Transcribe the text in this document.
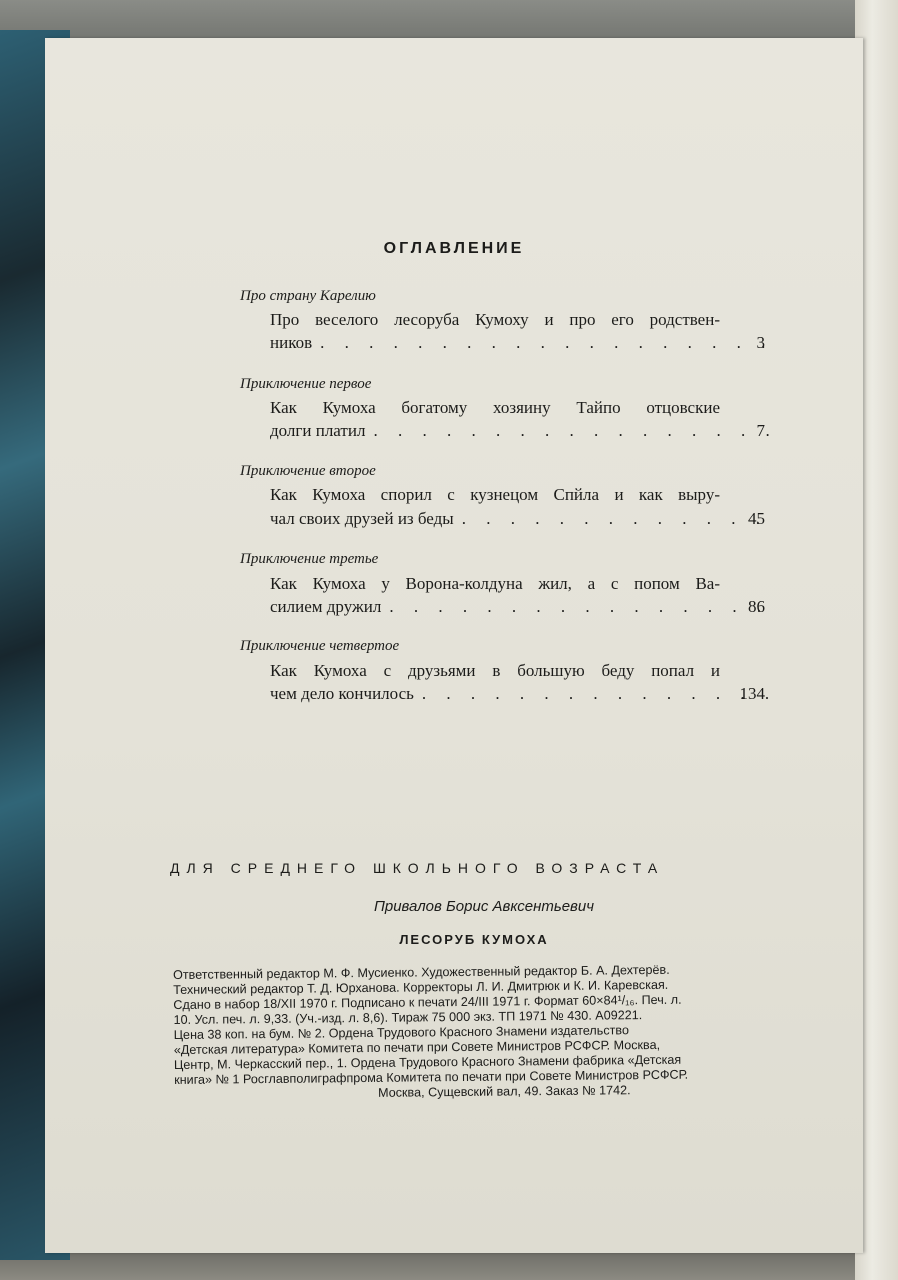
ОГЛАВЛЕНИЕ
Про страну Карелию
Про веселого лесоруба Кумоху и про его родствен-
ников . . .	3
Приключение первое
Как Кумоха богатому хозяину Тайпо отцовские
долги платил . . .	7
Приключение второе
Как Кумоха спорил с кузнецом Спйла и как выру-
чал своих друзей из беды . . .	45
Приключение третье
Как Кумоха у Ворона-колдуна жил, а с попом Ва-
силием дружил . . .	86
Приключение четвертое
Как Кумоха с друзьями в большую беду попал и
чем дело кончилось . . .	134
ДЛЯ СРЕДНЕГО ШКОЛЬНОГО ВОЗРАСТА
Привалов Борис Авксентьевич
ЛЕСОРУБ КУМОХА
Ответственный редактор М. Ф. Мусиенко. Художественный редактор Б. А. Дехтерёв.
Технический редактор Т. Д. Юрханова. Корректоры Л. И. Дмитрюк и К. И. Каревская.
Сдано в набор 18/XII 1970 г. Подписано к печати 24/III 1971 г. Формат 60×84¹/₁₆. Печ. л.
10. Усл. печ. л. 9,33. (Уч.-изд. л. 8,6). Тираж 75 000 экз. ТП 1971 № 430. А09221.
Цена 38 коп. на бум. № 2. Ордена Трудового Красного Знамени издательство
«Детская литература» Комитета по печати при Совете Министров РСФСР. Москва,
Центр, М. Черкасский пер., 1. Ордена Трудового Красного Знамени фабрика «Детская
книга» № 1 Росглавполиграфпрома Комитета по печати при Совете Министров РСФСР.
Москва, Сущевский вал, 49. Заказ № 1742.
